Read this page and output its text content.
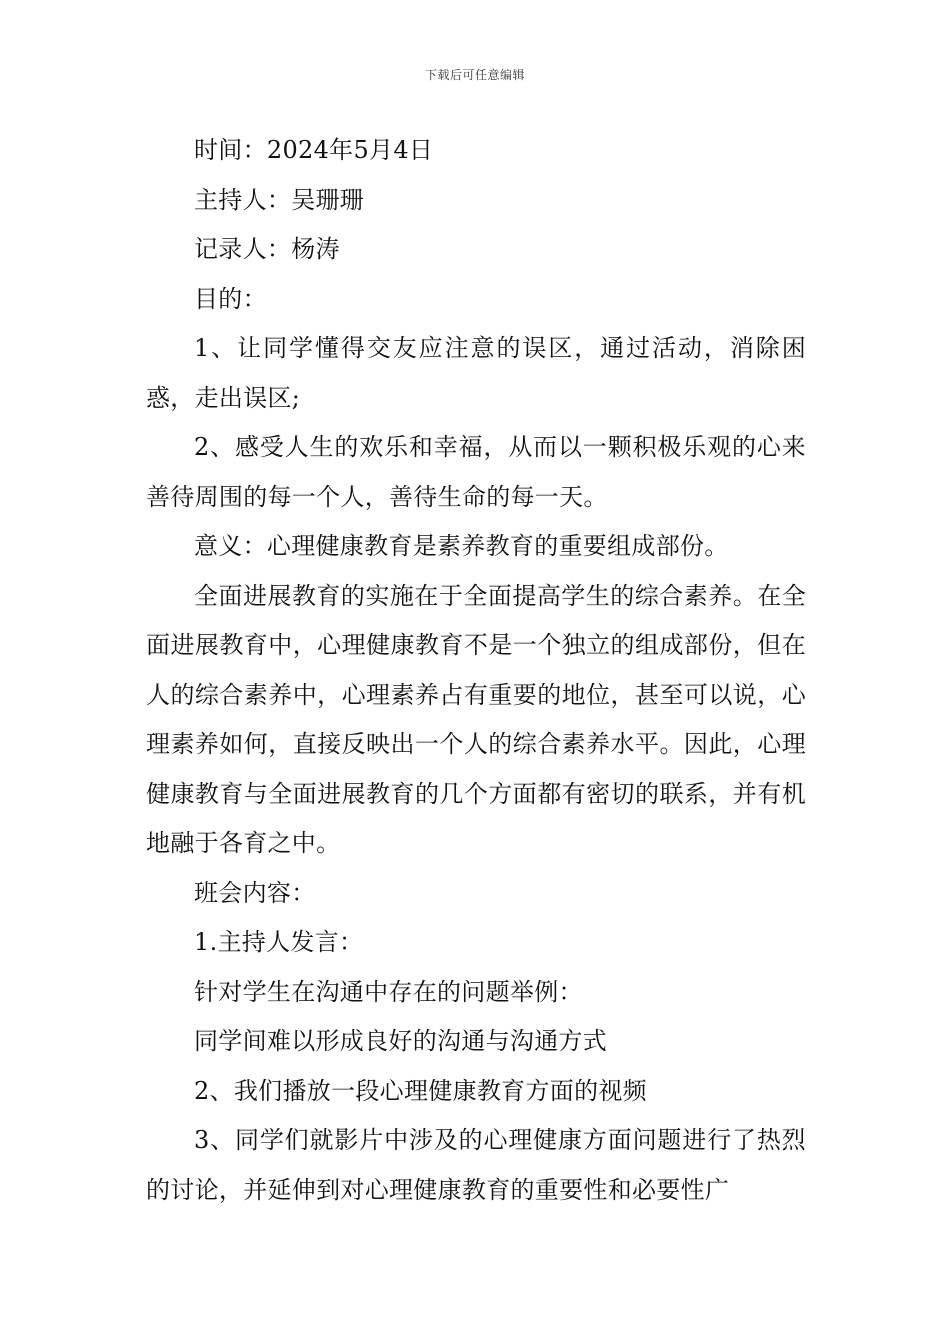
下载后可任意编辑

时间：2024年5月4日

主持人：吴珊珊

记录人：杨涛

目的：

1、让同学懂得交友应注意的误区，通过活动，消除困惑，走出误区;

2、感受人生的欢乐和幸福，从而以一颗积极乐观的心来善待周围的每一个人，善待生命的每一天。

意义：心理健康教育是素养教育的重要组成部份。

全面进展教育的实施在于全面提高学生的综合素养。在全面进展教育中，心理健康教育不是一个独立的组成部份，但在人的综合素养中，心理素养占有重要的地位，甚至可以说，心理素养如何，直接反映出一个人的综合素养水平。因此，心理健康教育与全面进展教育的几个方面都有密切的联系，并有机地融于各育之中。

班会内容：

1.主持人发言：

针对学生在沟通中存在的问题举例：

同学间难以形成良好的沟通与沟通方式

2、我们播放一段心理健康教育方面的视频

3、同学们就影片中涉及的心理健康方面问题进行了热烈的讨论，并延伸到对心理健康教育的重要性和必要性广
